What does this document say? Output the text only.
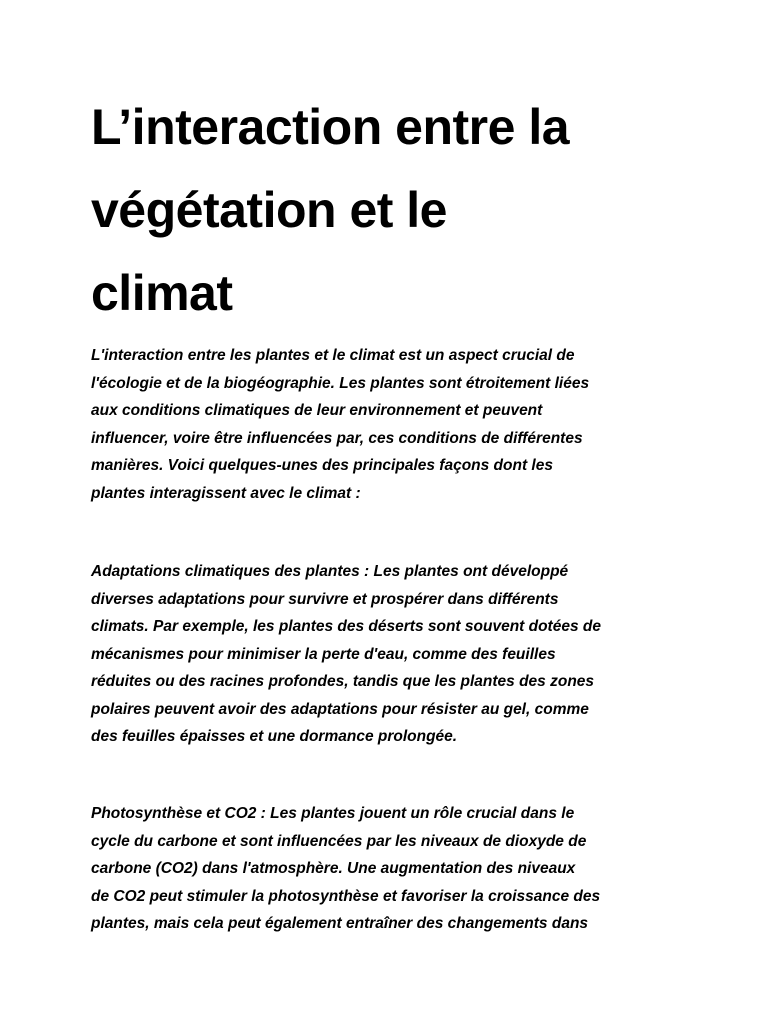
L’interaction entre la
végétation et le
climat

L'interaction entre les plantes et le climat est un aspect crucial de
l'écologie et de la biogéographie. Les plantes sont étroitement liées
aux conditions climatiques de leur environnement et peuvent
influencer, voire être influencées par, ces conditions de différentes
manières. Voici quelques-unes des principales façons dont les
plantes interagissent avec le climat :

Adaptations climatiques des plantes : Les plantes ont développé
diverses adaptations pour survivre et prospérer dans différents
climats. Par exemple, les plantes des déserts sont souvent dotées de
mécanismes pour minimiser la perte d'eau, comme des feuilles
réduites ou des racines profondes, tandis que les plantes des zones
polaires peuvent avoir des adaptations pour résister au gel, comme
des feuilles épaisses et une dormance prolongée.

Photosynthèse et CO2 : Les plantes jouent un rôle crucial dans le
cycle du carbone et sont influencées par les niveaux de dioxyde de
carbone (CO2) dans l'atmosphère. Une augmentation des niveaux
de CO2 peut stimuler la photosynthèse et favoriser la croissance des
plantes, mais cela peut également entraîner des changements dans
